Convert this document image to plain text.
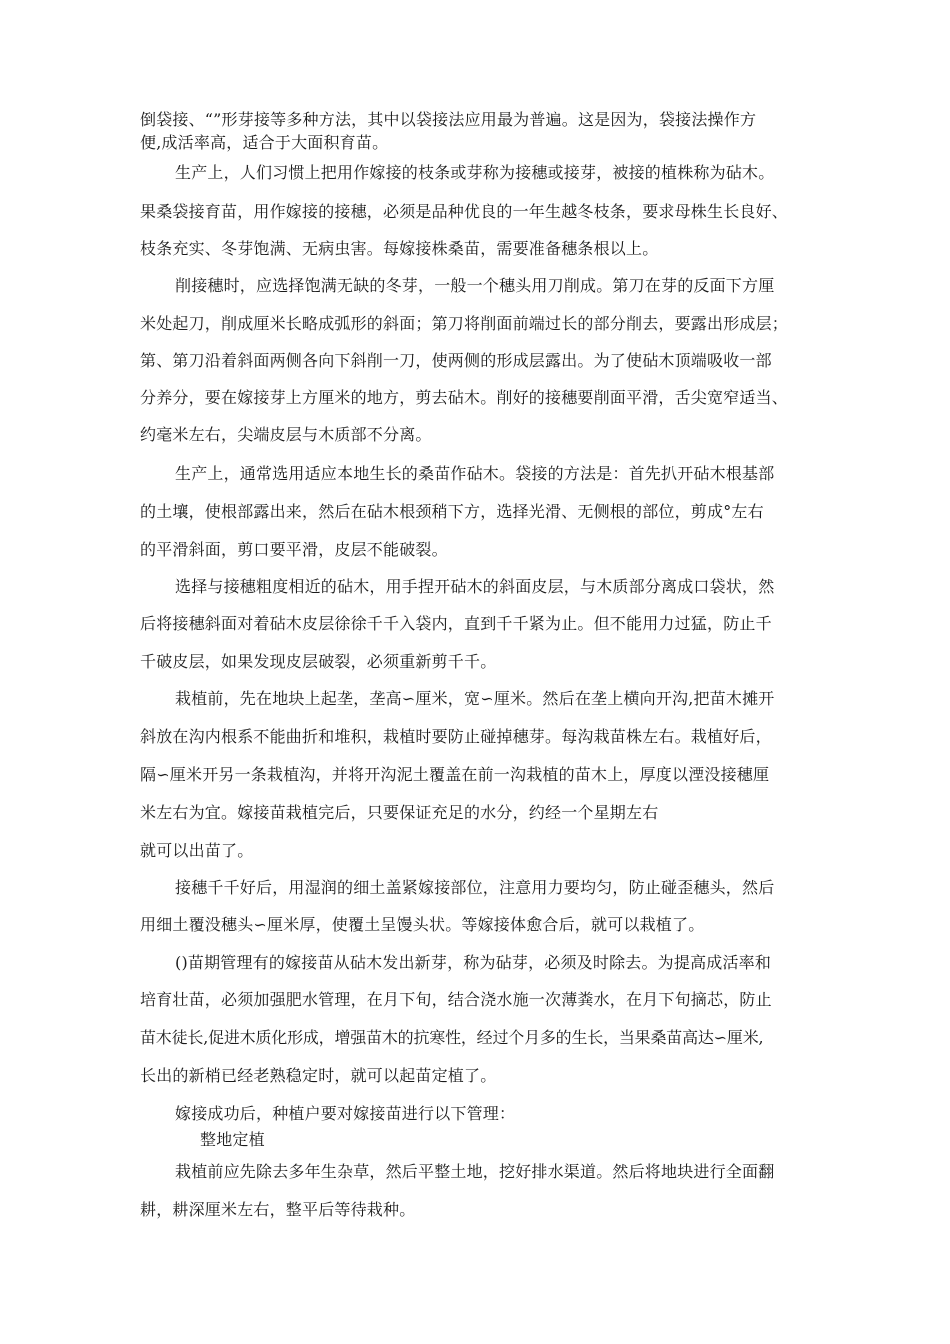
倒袋接、“”形芽接等多种方法，其中以袋接法应用最为普遍。这是因为，袋接法操作方
便,成活率高，适合于大面积育苗。
生产上，人们习惯上把用作嫁接的枝条或芽称为接穗或接芽，被接的植株称为砧木。
果桑袋接育苗，用作嫁接的接穗，必须是品种优良的一年生越冬枝条，要求母株生长良好、
枝条充实、冬芽饱满、无病虫害。每嫁接株桑苗，需要准备穗条根以上。
削接穗时，应选择饱满无缺的冬芽，一般一个穗头用刀削成。第刀在芽的反面下方厘
米处起刀，削成厘米长略成弧形的斜面；第刀将削面前端过长的部分削去，要露出形成层；
第、第刀沿着斜面两侧各向下斜削一刀，使两侧的形成层露出。为了使砧木顶端吸收一部
分养分，要在嫁接芽上方厘米的地方，剪去砧木。削好的接穗要削面平滑，舌尖宽窄适当、
约毫米左右，尖端皮层与木质部不分离。
生产上，通常选用适应本地生长的桑苗作砧木。袋接的方法是：首先扒开砧木根基部
的土壤，使根部露出来，然后在砧木根颈稍下方，选择光滑、无侧根的部位，剪成°左右
的平滑斜面，剪口要平滑，皮层不能破裂。
选择与接穗粗度相近的砧木，用手捏开砧木的斜面皮层，与木质部分离成口袋状，然
后将接穗斜面对着砧木皮层徐徐千千入袋内，直到千千紧为止。但不能用力过猛，防止千
千破皮层，如果发现皮层破裂，必须重新剪千千。
栽植前，先在地块上起垄，垄高∽厘米，宽∽厘米。然后在垄上横向开沟,把苗木摊开
斜放在沟内根系不能曲折和堆积，栽植时要防止碰掉穗芽。每沟栽苗株左右。栽植好后，
隔∽厘米开另一条栽植沟，并将开沟泥土覆盖在前一沟栽植的苗木上，厚度以湮没接穗厘
米左右为宜。嫁接苗栽植完后，只要保证充足的水分，约经一个星期左右
就可以出苗了。
接穗千千好后，用湿润的细土盖紧嫁接部位，注意用力要均匀，防止碰歪穗头，然后
用细土覆没穗头∽厘米厚，使覆土呈馒头状。等嫁接体愈合后，就可以栽植了。
()苗期管理有的嫁接苗从砧木发出新芽，称为砧芽，必须及时除去。为提高成活率和
培育壮苗，必须加强肥水管理，在月下旬，结合浇水施一次薄粪水，在月下旬摘芯，防止
苗木徒长,促进木质化形成，增强苗木的抗寒性，经过个月多的生长，当果桑苗高达∽厘米,
长出的新梢已经老熟稳定时，就可以起苗定植了。
嫁接成功后，种植户要对嫁接苗进行以下管理：
整地定植
栽植前应先除去多年生杂草，然后平整土地，挖好排水渠道。然后将地块进行全面翻
耕，耕深厘米左右，整平后等待栽种。
